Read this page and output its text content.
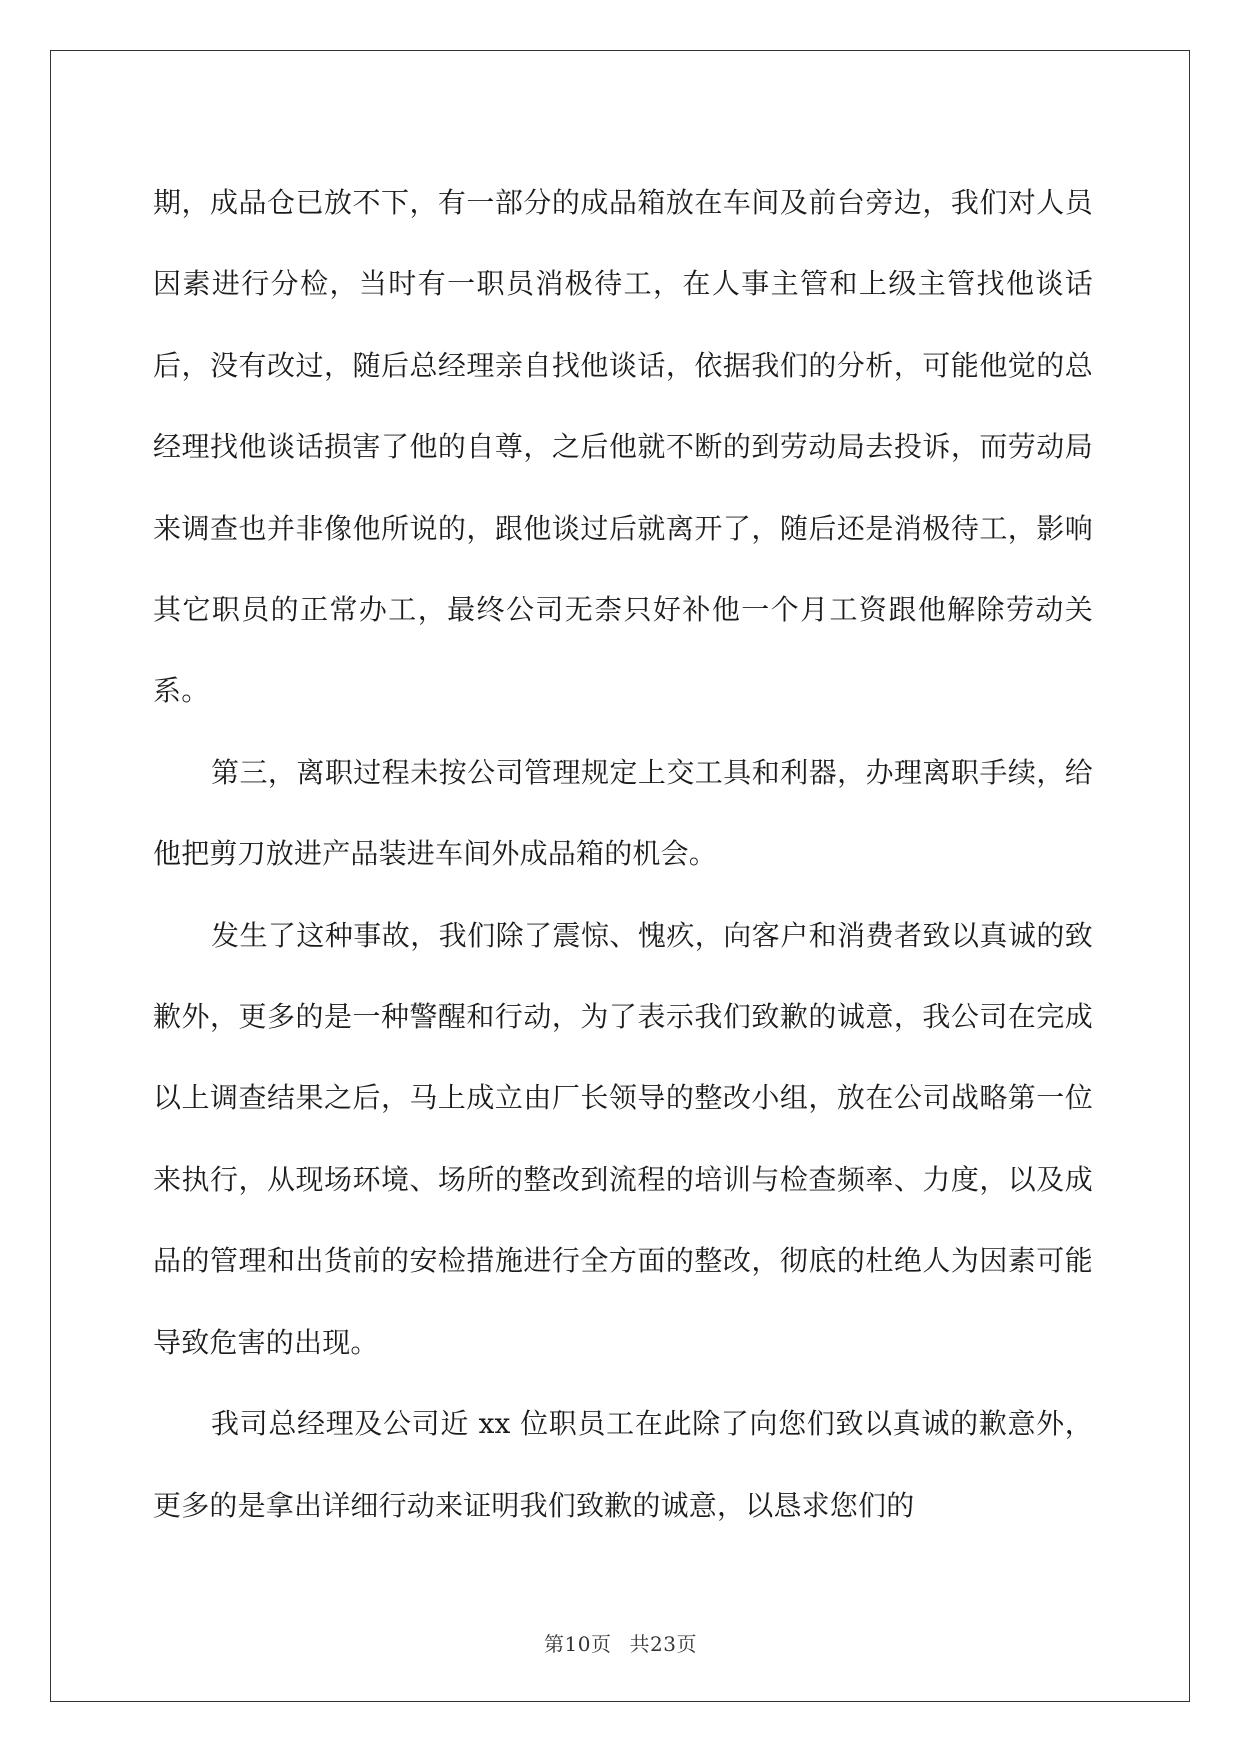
期，成品仓已放不下，有一部分的成品箱放在车间及前台旁边，我们对人员因素进行分检，当时有一职员消极待工，在人事主管和上级主管找他谈话后，没有改过，随后总经理亲自找他谈话，依据我们的分析，可能他觉的总经理找他谈话损害了他的自尊，之后他就不断的到劳动局去投诉，而劳动局来调查也并非像他所说的，跟他谈过后就离开了，随后还是消极待工，影响其它职员的正常办工，最终公司无柰只好补他一个月工资跟他解除劳动关系。

第三，离职过程未按公司管理规定上交工具和利器，办理离职手续，给他把剪刀放进产品装进车间外成品箱的机会。

发生了这种事故，我们除了震惊、愧疚，向客户和消费者致以真诚的致歉外，更多的是一种警醒和行动，为了表示我们致歉的诚意，我公司在完成以上调查结果之后，马上成立由厂长领导的整改小组，放在公司战略第一位来执行，从现场环境、场所的整改到流程的培训与检查频率、力度，以及成品的管理和出货前的安检措施进行全方面的整改，彻底的杜绝人为因素可能导致危害的出现。

我司总经理及公司近 xx 位职员工在此除了向您们致以真诚的歉意外，更多的是拿出详细行动来证明我们致歉的诚意，以恳求您们的

第10页 共23页
